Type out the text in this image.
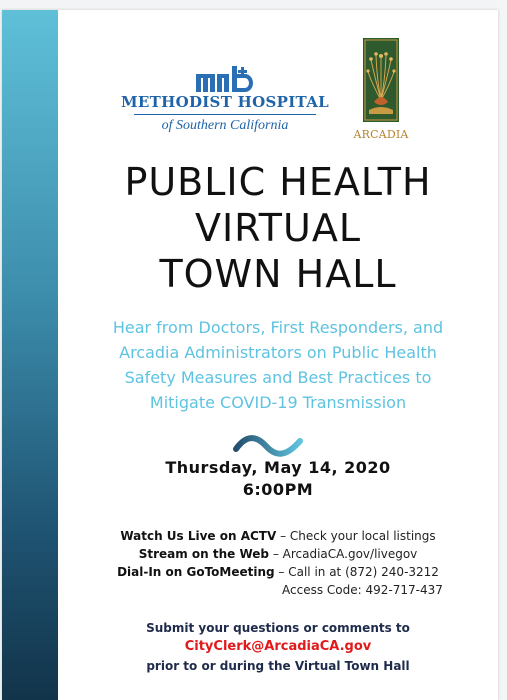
METHODIST HOSPITAL
of Southern California
ARCADIA
PUBLIC HEALTH
VIRTUAL
TOWN HALL
Hear from Doctors, First Responders, and
Arcadia Administrators on Public Health
Safety Measures and Best Practices to
Mitigate COVID-19 Transmission
Thursday, May 14, 2020
6:00PM
Watch Us Live on ACTV – Check your local listings
Stream on the Web – ArcadiaCA.gov/livegov
Dial-In on GoToMeeting – Call in at (872) 240-3212
Access Code: 492-717-437
Submit your questions or comments to
CityClerk@ArcadiaCA.gov
prior to or during the Virtual Town Hall
